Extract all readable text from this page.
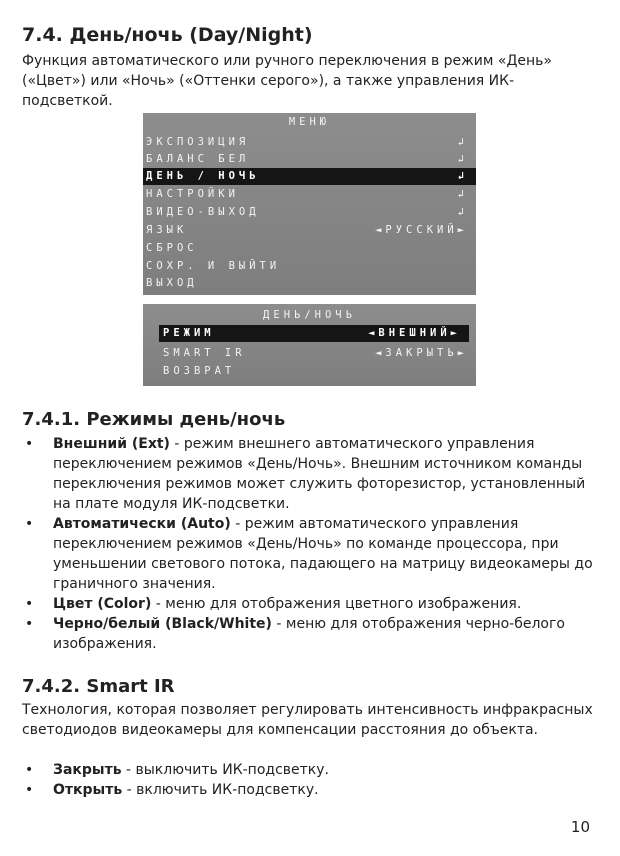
7.4. День/ночь (Day/Night)

Функция автоматического или ручного переключения в режим «День» («Цвет») или «Ночь» («Оттенки серого»), а также управления ИК-подсветкой.

МЕНЮ
ЭКСПОЗИЦИЯ	↲
БАЛАНС БЕЛ	↲
ДЕНЬ / НОЧЬ	↲
НАСТРОЙКИ	↲
ВИДЕО-ВЫХОД	↲
ЯЗЫК	◄РУССКИЙ►
СБРОС
СОХР. И ВЫЙТИ
ВЫХОД
ДЕНЬ/НОЧЬ
РЕЖИМ	◄ВНЕШНИЙ►
SMART IR	◄ЗАКРЫТЬ►
ВОЗВРАТ
7.4.1. Режимы день/ночь
• Внешний (Ext) - режим внешнего автоматического управления переключением режимов «День/Ночь». Внешним источником команды переключения режимов может служить фоторезистор, установленный на плате модуля ИК-подсветки.
• Автоматически (Auto) - режим автоматического управления переключением режимов «День/Ночь» по команде процессора, при уменьшении светового потока, падающего на матрицу видеокамеры до граничного значения.
• Цвет (Color) - меню для отображения цветного изображения.
• Черно/белый (Black/White) - меню для отображения черно-белого изображения.
7.4.2. Smart IR

Технология, которая позволяет регулировать интенсивность инфракрасных светодиодов видеокамеры для компенсации расстояния до объекта.

• Закрыть - выключить ИК-подсветку.
• Открыть - включить ИК-подсветку.
10
